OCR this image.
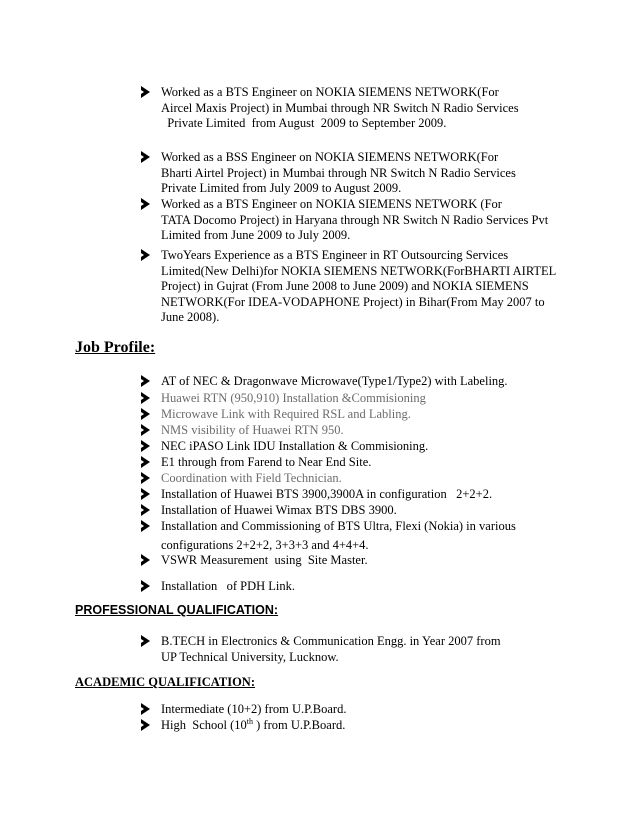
Worked as a BTS Engineer on NOKIA SIEMENS NETWORK(For
Aircel Maxis Project) in Mumbai through NR Switch N Radio Services
Private Limited  from August  2009 to September 2009.
Worked as a BSS Engineer on NOKIA SIEMENS NETWORK(For
Bharti Airtel Project) in Mumbai through NR Switch N Radio Services
Private Limited from July 2009 to August 2009.
Worked as a BTS Engineer on NOKIA SIEMENS NETWORK (For
TATA Docomo Project) in Haryana through NR Switch N Radio Services Pvt
Limited from June 2009 to July 2009.
TwoYears Experience as a BTS Engineer in RT Outsourcing Services
Limited(New Delhi)for NOKIA SIEMENS NETWORK(ForBHARTI AIRTEL
Project) in Gujrat (From June 2008 to June 2009) and NOKIA SIEMENS
NETWORK(For IDEA-VODAPHONE Project) in Bihar(From May 2007 to
June 2008).
Job Profile:
AT of NEC & Dragonwave Microwave(Type1/Type2) with Labeling.
Huawei RTN (950,910) Installation &Commisioning
Microwave Link with Required RSL and Labling.
NMS visibility of Huawei RTN 950.
NEC iPASO Link IDU Installation & Commisioning.
E1 through from Farend to Near End Site.
Coordination with Field Technician.
Installation of Huawei BTS 3900,3900A in configuration   2+2+2.
Installation of Huawei Wimax BTS DBS 3900.
Installation and Commissioning of BTS Ultra, Flexi (Nokia) in various
configurations 2+2+2, 3+3+3 and 4+4+4.
VSWR Measurement  using  Site Master.
Installation   of PDH Link.
PROFESSIONAL QUALIFICATION:
B.TECH in Electronics & Communication Engg. in Year 2007 from
UP Technical University, Lucknow.
ACADEMIC QUALIFICATION:
Intermediate (10+2) from U.P.Board.
High  School (10th ) from U.P.Board.
